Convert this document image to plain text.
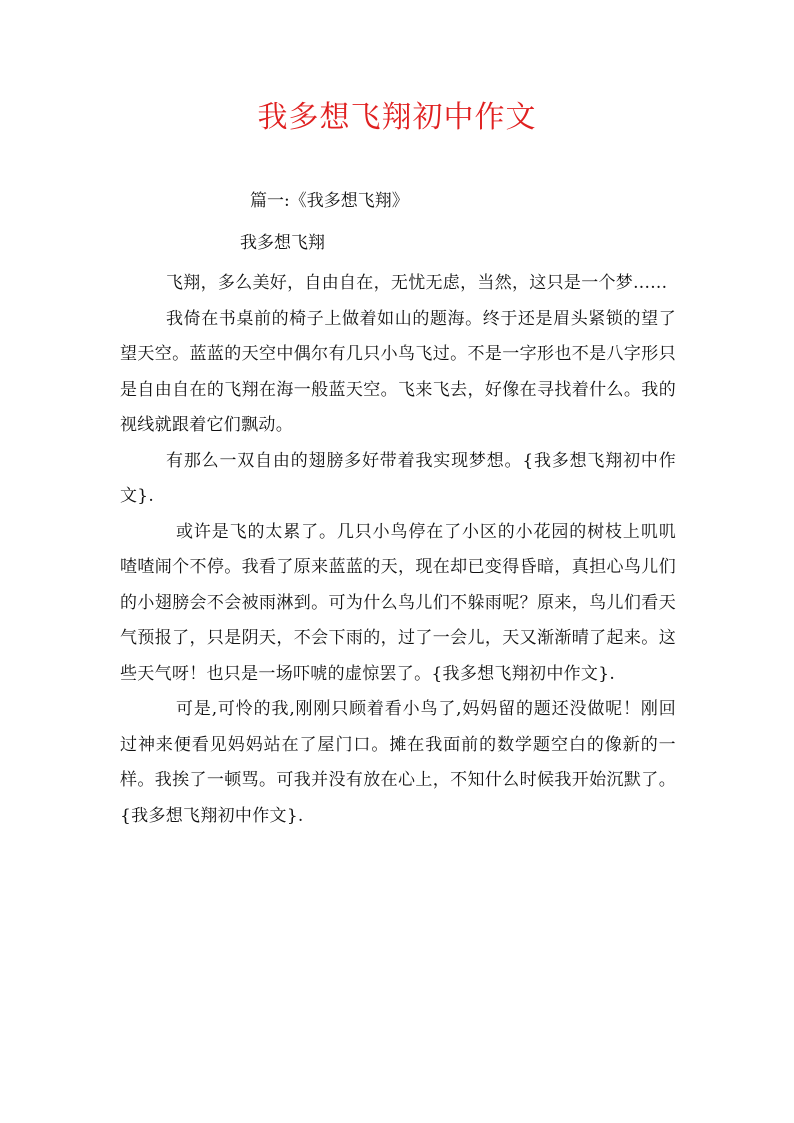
我多想飞翔初中作文
篇一:《我多想飞翔》
我多想飞翔

飞翔，多么美好，自由自在，无忧无虑，当然，这只是一个梦......

我倚在书桌前的椅子上做着如山的题海。终于还是眉头紧锁的望了望天空。蓝蓝的天空中偶尔有几只小鸟飞过。不是一字形也不是八字形只是自由自在的飞翔在海一般蓝天空。飞来飞去，好像在寻找着什么。我的视线就跟着它们飘动。

有那么一双自由的翅膀多好带着我实现梦想。{我多想飞翔初中作文}.

或许是飞的太累了。几只小鸟停在了小区的小花园的树枝上叽叽喳喳闹个不停。我看了原来蓝蓝的天，现在却已变得昏暗，真担心鸟儿们的小翅膀会不会被雨淋到。可为什么鸟儿们不躲雨呢？原来，鸟儿们看天气预报了，只是阴天，不会下雨的，过了一会儿，天又渐渐晴了起来。这些天气呀！也只是一场吓唬的虚惊罢了。{我多想飞翔初中作文}.

可是,可怜的我,刚刚只顾着看小鸟了,妈妈留的题还没做呢！刚回过神来便看见妈妈站在了屋门口。摊在我面前的数学题空白的像新的一样。我挨了一顿骂。可我并没有放在心上，不知什么时候我开始沉默了。{我多想飞翔初中作文}.
